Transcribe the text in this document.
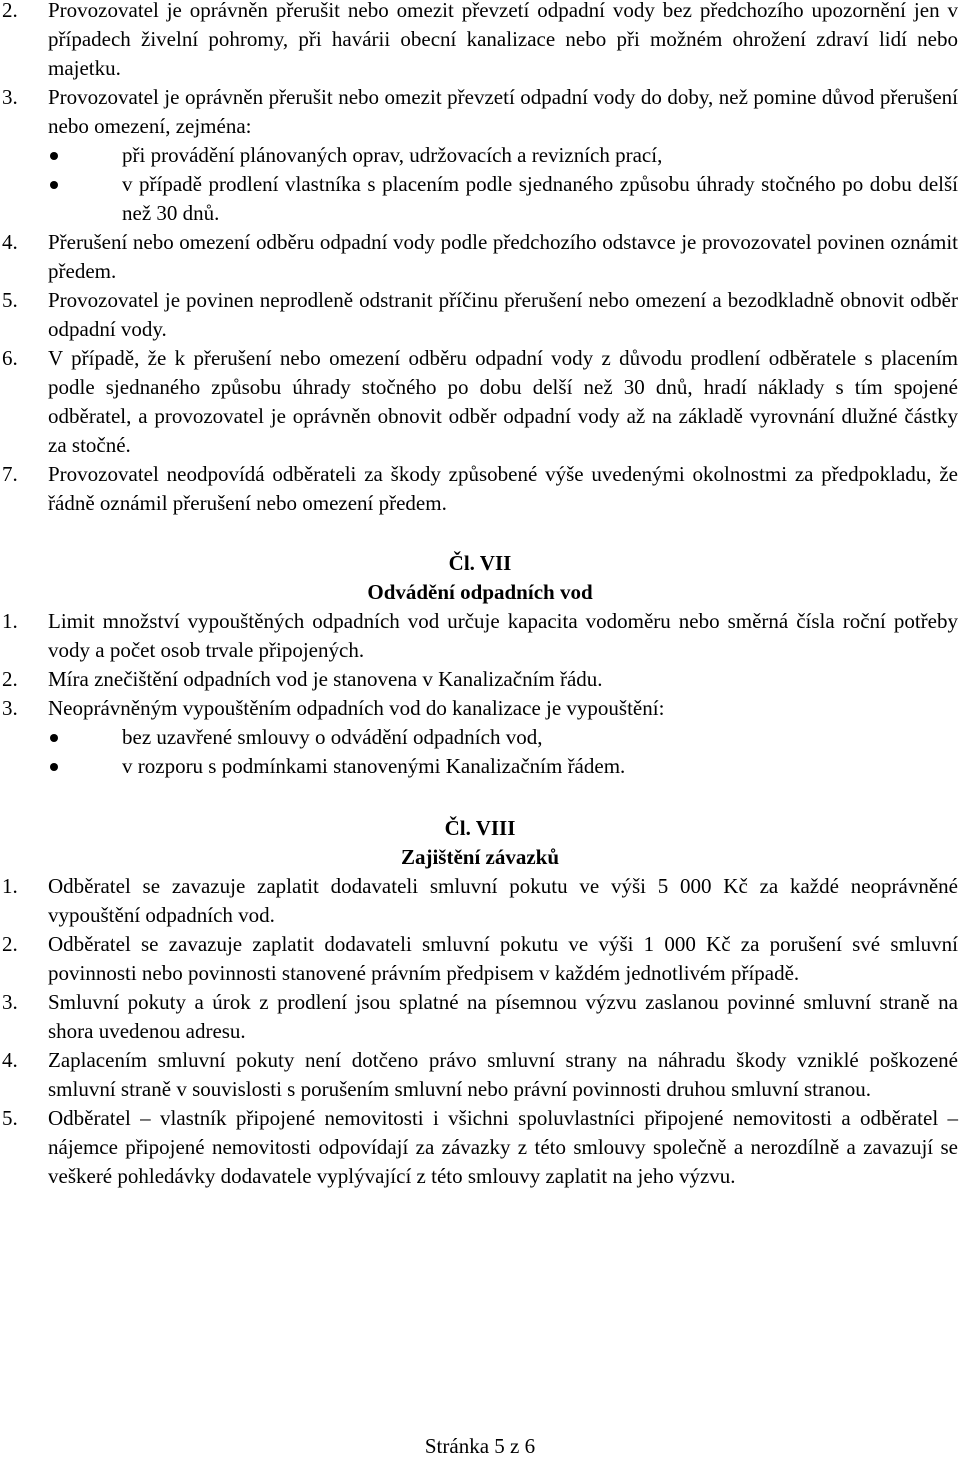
2. Provozovatel je oprávněn přerušit nebo omezit převzetí odpadní vody bez předchozího upozornění jen v případech živelní pohromy, při havárii obecní kanalizace nebo při možném ohrožení zdraví lidí nebo majetku.
3. Provozovatel je oprávněn přerušit nebo omezit převzetí odpadní vody do doby, než pomine důvod přerušení nebo omezení, zejména:
při provádění plánovaných oprav, udržovacích a revizních prací,
v případě prodlení vlastníka s placením podle sjednaného způsobu úhrady stočného po dobu delší než 30 dnů.
4. Přerušení nebo omezení odběru odpadní vody podle předchozího odstavce je provozovatel povinen oznámit předem.
5. Provozovatel je povinen neprodleně odstranit příčinu přerušení nebo omezení a bezodkladně obnovit odběr odpadní vody.
6. V případě, že k přerušení nebo omezení odběru odpadní vody z důvodu prodlení odběratele s placením podle sjednaného způsobu úhrady stočného po dobu delší než 30 dnů, hradí náklady s tím spojené odběratel, a provozovatel je oprávněn obnovit odběr odpadní vody až na základě vyrovnání dlužné částky za stočné.
7. Provozovatel neodpovídá odběrateli za škody způsobené výše uvedenými okolnostmi za předpokladu, že řádně oznámil přerušení nebo omezení předem.
Čl. VII
Odvádění odpadních vod
1. Limit množství vypouštěných odpadních vod určuje kapacita vodoměru nebo směrná čísla roční potřeby vody a počet osob trvale připojených.
2. Míra znečištění odpadních vod je stanovena v Kanalizačním řádu.
3. Neoprávněným vypouštěním odpadních vod do kanalizace je vypouštění:
bez uzavřené smlouvy o odvádění odpadních vod,
v rozporu s podmínkami stanovenými Kanalizačním řádem.
Čl. VIII
Zajištění závazků
1. Odběratel se zavazuje zaplatit dodavateli smluvní pokutu ve výši 5 000 Kč za každé neoprávněné vypouštění odpadních vod.
2. Odběratel se zavazuje zaplatit dodavateli smluvní pokutu ve výši 1 000 Kč za porušení své smluvní povinnosti nebo povinnosti stanovené právním předpisem v každém jednotlivém případě.
3. Smluvní pokuty a úrok z prodlení jsou splatné na písemnou výzvu zaslanou povinné smluvní straně na shora uvedenou adresu.
4. Zaplacením smluvní pokuty není dotčeno právo smluvní strany na náhradu škody vzniklé poškozené smluvní straně v souvislosti s porušením smluvní nebo právní povinnosti druhou smluvní stranou.
5. Odběratel – vlastník připojené nemovitosti i všichni spoluvlastníci připojené nemovitosti a odběratel – nájemce připojené nemovitosti odpovídají za závazky z této smlouvy společně a nerozdílně a zavazují se veškeré pohledávky dodavatele vyplývající z této smlouvy zaplatit na jeho výzvu.
Stránka 5 z 6
